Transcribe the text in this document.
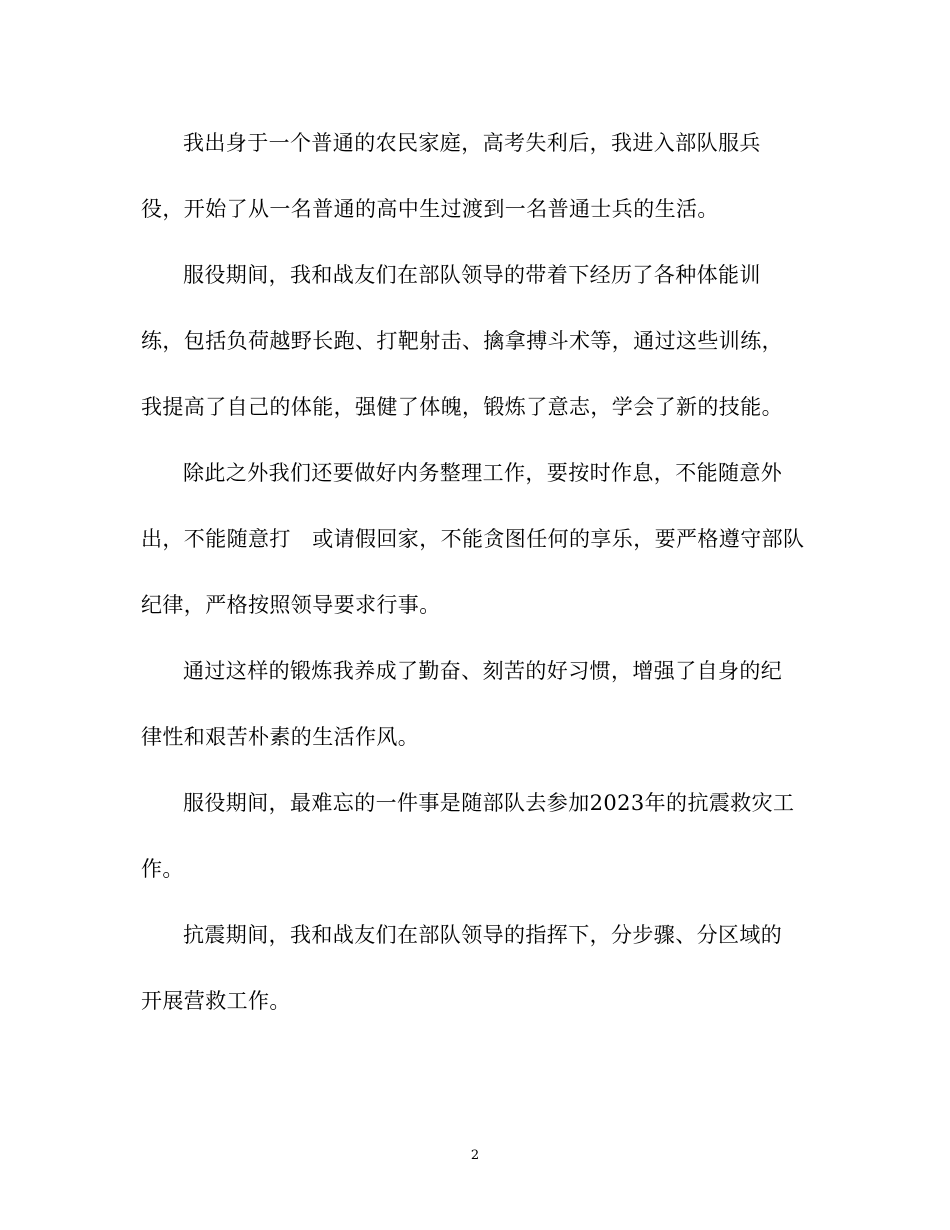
我出身于一个普通的农民家庭，高考失利后，我进入部队服兵
役，开始了从一名普通的高中生过渡到一名普通士兵的生活。
服役期间，我和战友们在部队领导的带着下经历了各种体能训
练，包括负荷越野长跑、打靶射击、擒拿搏斗术等，通过这些训练，
我提高了自己的体能，强健了体魄，锻炼了意志，学会了新的技能。
除此之外我们还要做好内务整理工作，要按时作息，不能随意外
出，不能随意打　或请假回家，不能贪图任何的享乐，要严格遵守部队
纪律，严格按照领导要求行事。
通过这样的锻炼我养成了勤奋、刻苦的好习惯，增强了自身的纪
律性和艰苦朴素的生活作风。
服役期间，最难忘的一件事是随部队去参加2023年的抗震救灾工
作。
抗震期间，我和战友们在部队领导的指挥下，分步骤、分区域的
开展营救工作。
2
